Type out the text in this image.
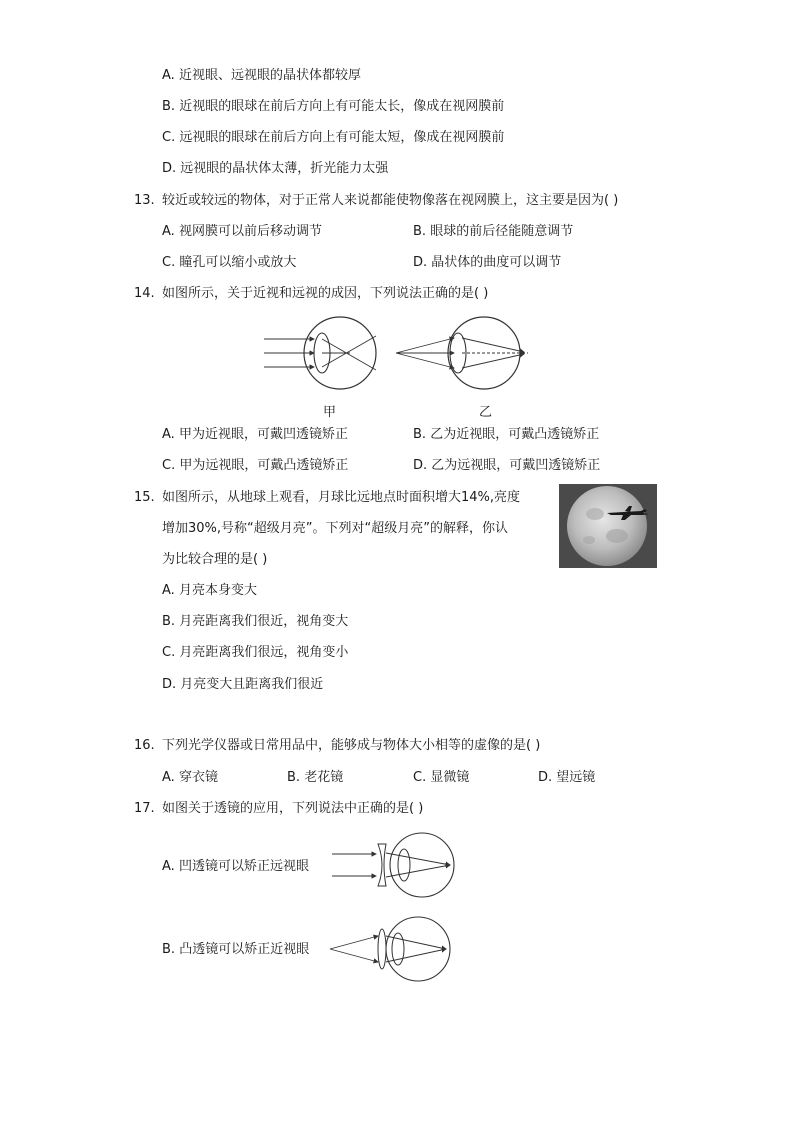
A. 近视眼、远视眼的晶状体都较厚
B. 近视眼的眼球在前后方向上有可能太长，像成在视网膜前
C. 远视眼的眼球在前后方向上有可能太短，像成在视网膜前
D. 远视眼的晶状体太薄，折光能力太强
13. 较近或较远的物体，对于正常人来说都能使物像落在视网膜上，这主要是因为( )
A. 视网膜可以前后移动调节	B. 眼球的前后径能随意调节
C. 瞳孔可以缩小或放大	D. 晶状体的曲度可以调节
14. 如图所示，关于近视和远视的成因，下列说法正确的是( )
甲	乙
A. 甲为近视眼，可戴凹透镜矫正	B. 乙为近视眼，可戴凸透镜矫正
C. 甲为远视眼，可戴凸透镜矫正	D. 乙为远视眼，可戴凹透镜矫正
15. 如图所示，从地球上观看，月球比远地点时面积增大14%,亮度
增加30%,号称“超级月亮”。下列对“超级月亮”的解释，你认
为比较合理的是( )
A. 月亮本身变大
B. 月亮距离我们很近，视角变大
C. 月亮距离我们很远，视角变小
D. 月亮变大且距离我们很近
16. 下列光学仪器或日常用品中，能够成与物体大小相等的虚像的是( )
A. 穿衣镜	B. 老花镜	C. 显微镜	D. 望远镜
17. 如图关于透镜的应用，下列说法中正确的是( )
A. 凹透镜可以矫正远视眼
B. 凸透镜可以矫正近视眼
